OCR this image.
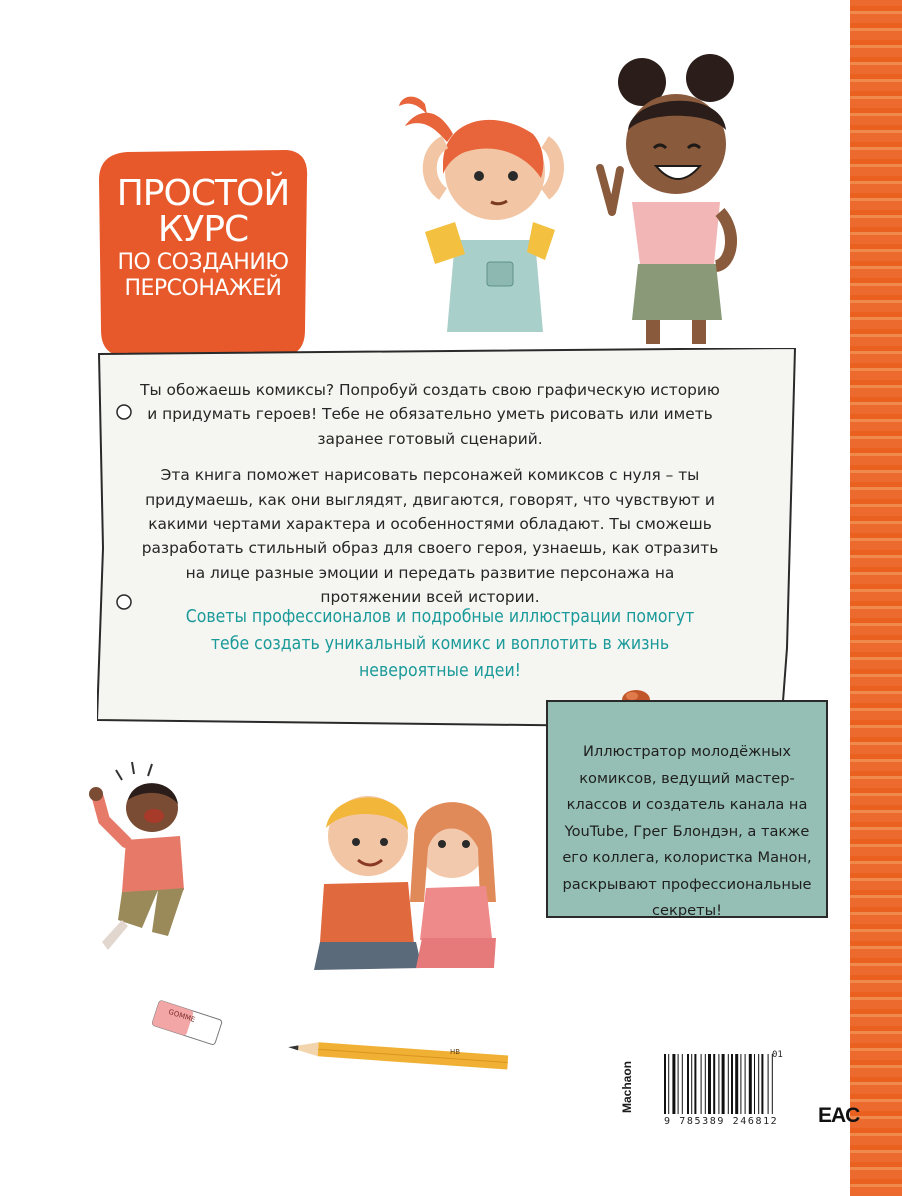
ПРОСТОЙ
КУРС
ПО СОЗДАНИЮ
ПЕРСОНАЖЕЙ

Ты обожаешь комиксы? Попробуй создать свою графическую историю и придумать героев! Тебе не обязательно уметь рисовать или иметь заранее готовый сценарий.

Эта книга поможет нарисовать персонажей комиксов с нуля – ты придумаешь, как они выглядят, двигаются, говорят, что чувствуют и какими чертами характера и особенностями обладают. Ты сможешь разработать стильный образ для своего героя, узнаешь, как отразить на лице разные эмоции и передать развитие персонажа на протяжении всей истории.

Советы профессионалов и подробные иллюстрации помогут тебе создать уникальный комикс и воплотить в жизнь невероятные идеи!
Иллюстратор молодёжных комиксов, ведущий мастер-классов и создатель канала на YouTube, Грег Блондэн, а также его коллега, колористка Манон, раскрывают профессиональные секреты!
GOMME
HB
Machaon
01
9 785389 246812 EAC
